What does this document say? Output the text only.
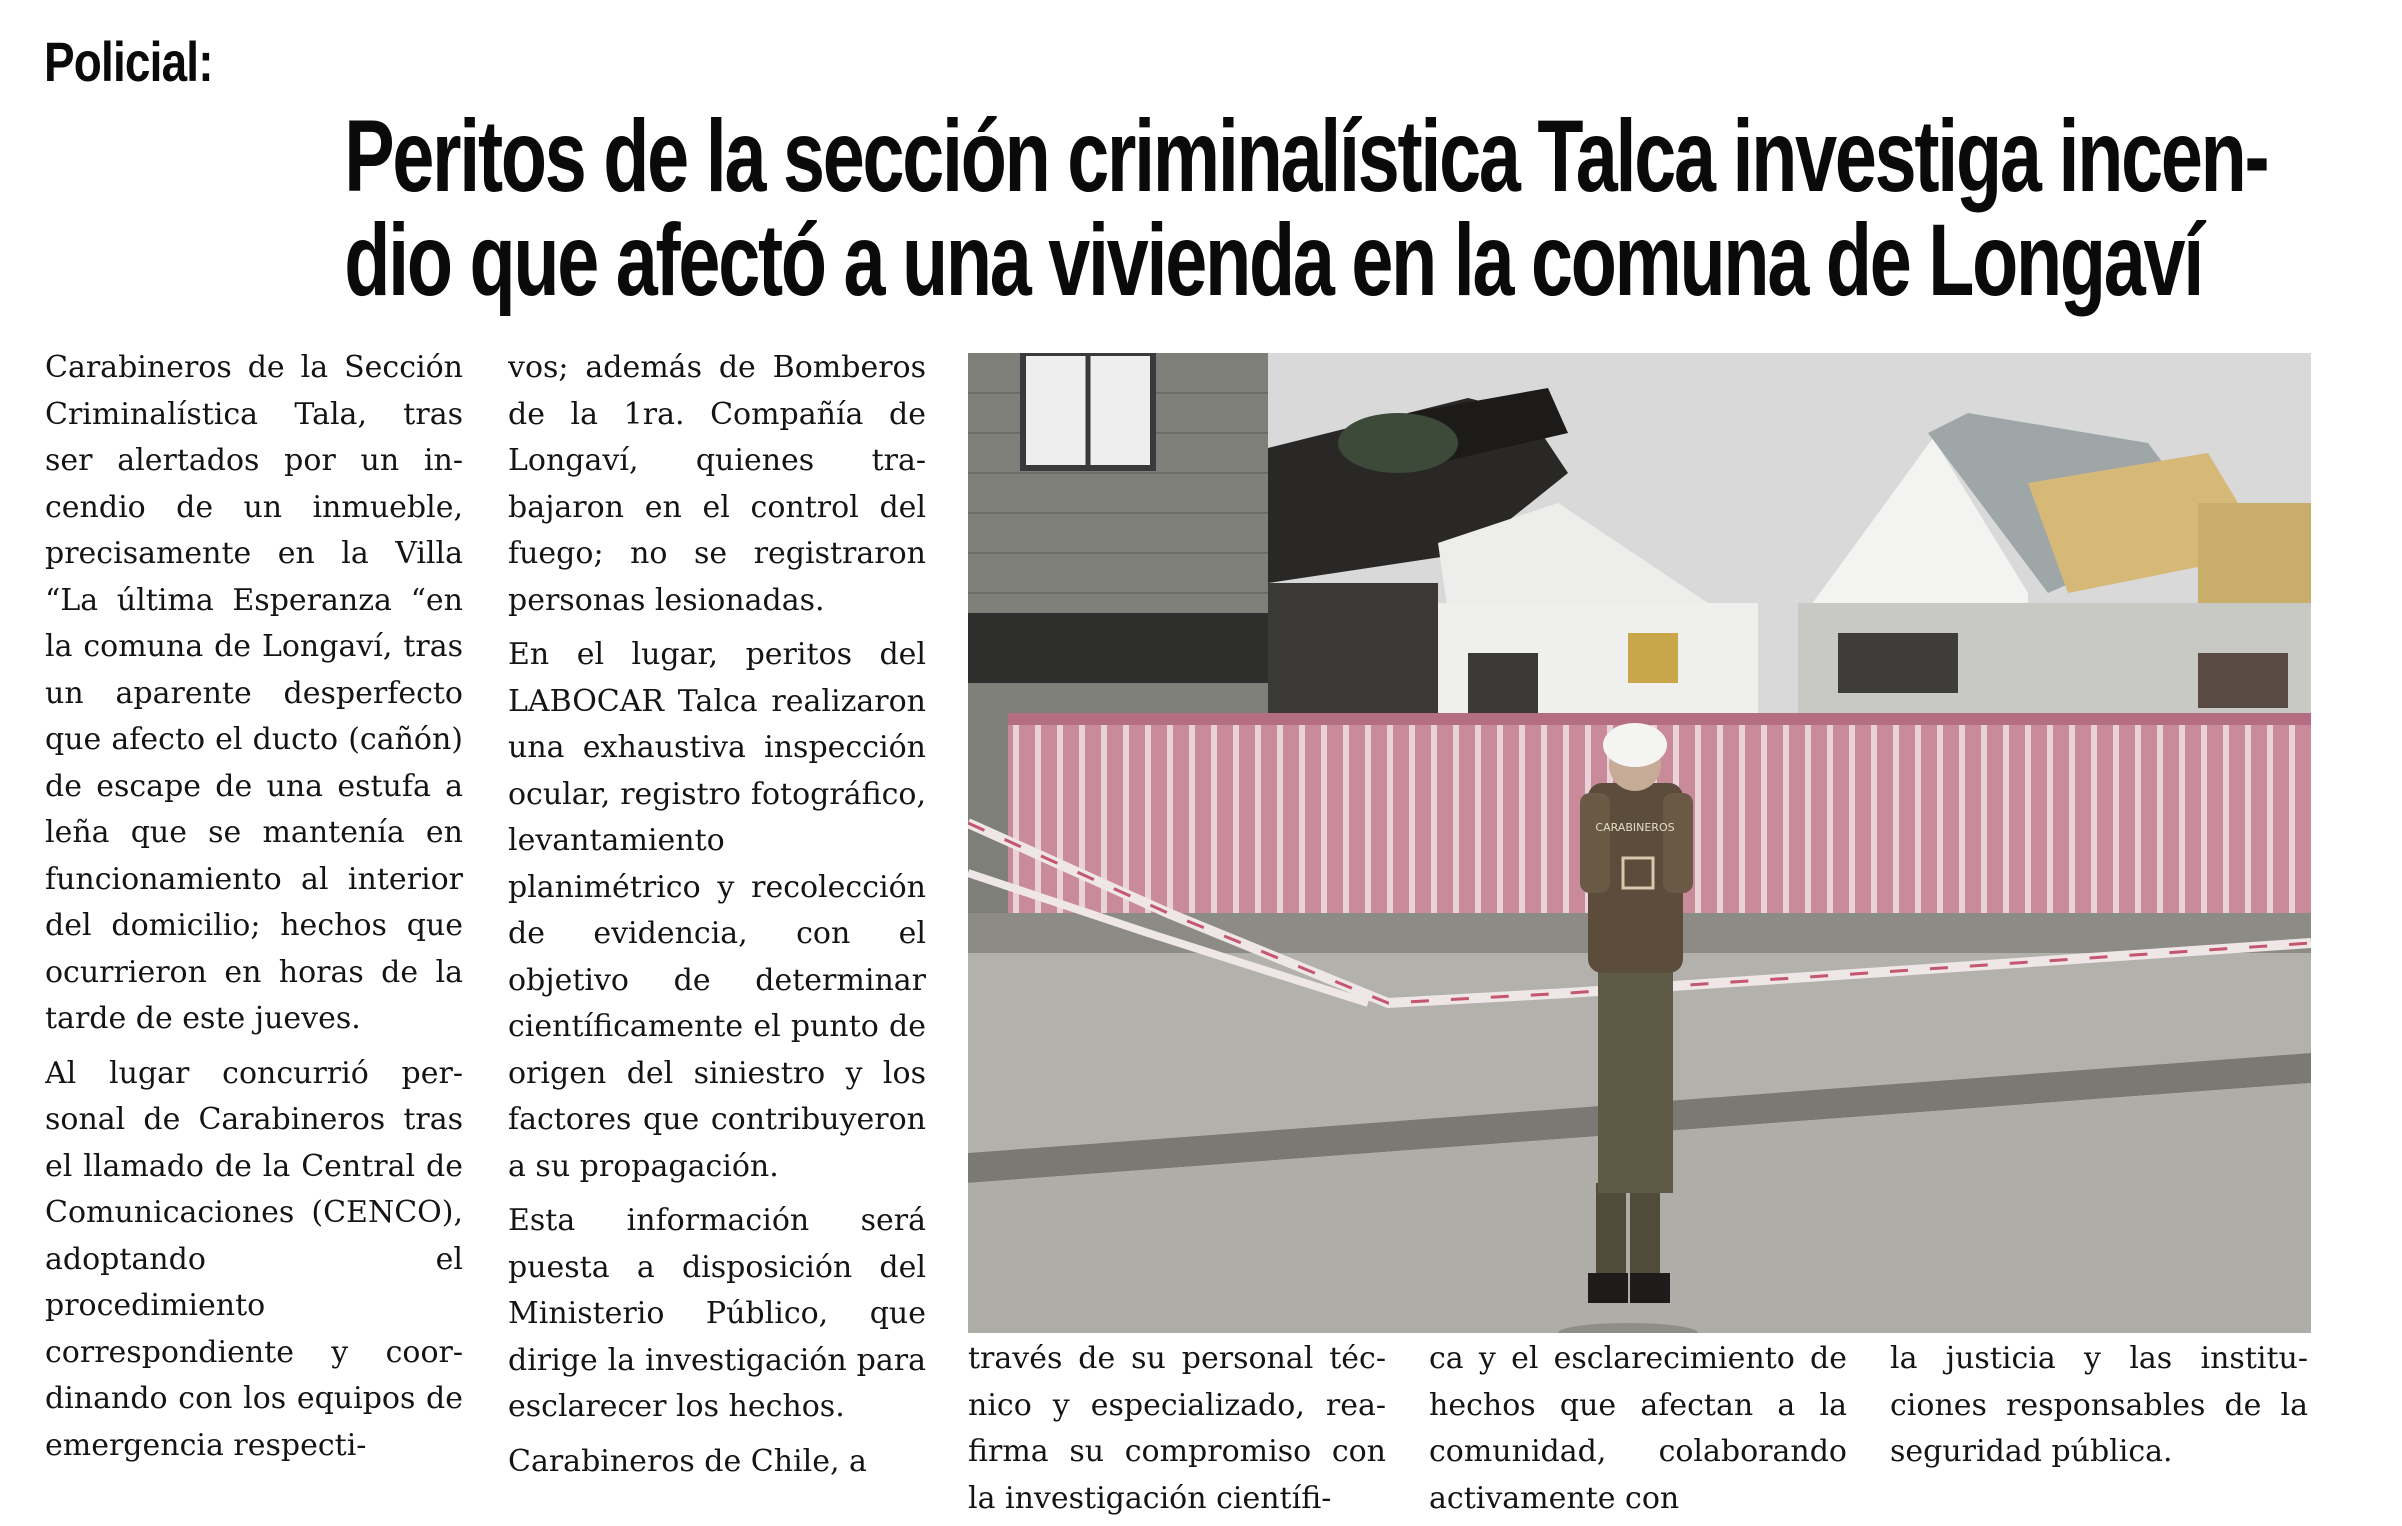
Policial:
Peritos de la sección criminalística Talca investiga incen-
dio que afectó a una vivienda en la comuna de Longaví

Carabineros de la Sección Criminalística Tala, tras ser alertados por un incendio de un inmueble, precisamente en la Villa “La última Esperanza “en la comuna de Longaví, tras un aparente desperfecto que afecto el ducto (cañón) de escape de una estufa a leña que se mantenía en funcionamiento al interior del domicilio; hechos que ocurrieron en horas de la tarde de este jueves.

Al lugar concurrió personal de Carabineros tras el llamado de la Central de Comunicaciones (CENCO), adoptando el procedimiento correspondiente y coordinando con los equipos de emergencia respecti-

vos; además de Bomberos de la 1ra. Compañía de Longaví, quienes trabajaron en el control del fuego; no se registraron personas lesionadas.

En el lugar, peritos del LABOCAR Talca realizaron una exhaustiva inspección ocular, registro fotográfico, levantamiento planimétrico y recolección de evidencia, con el objetivo de determinar científicamente el punto de origen del siniestro y los factores que contribuyeron a su propagación.

Esta información será puesta a disposición del Ministerio Público, que dirige la investigación para esclarecer los hechos.

Carabineros de Chile, a

CARABINEROS

través de su personal técnico y especializado, reafirma su compromiso con la investigación científi-

ca y el esclarecimiento de hechos que afectan a la comunidad, colaborando activamente con

la justicia y las instituciones responsables de la seguridad pública.
